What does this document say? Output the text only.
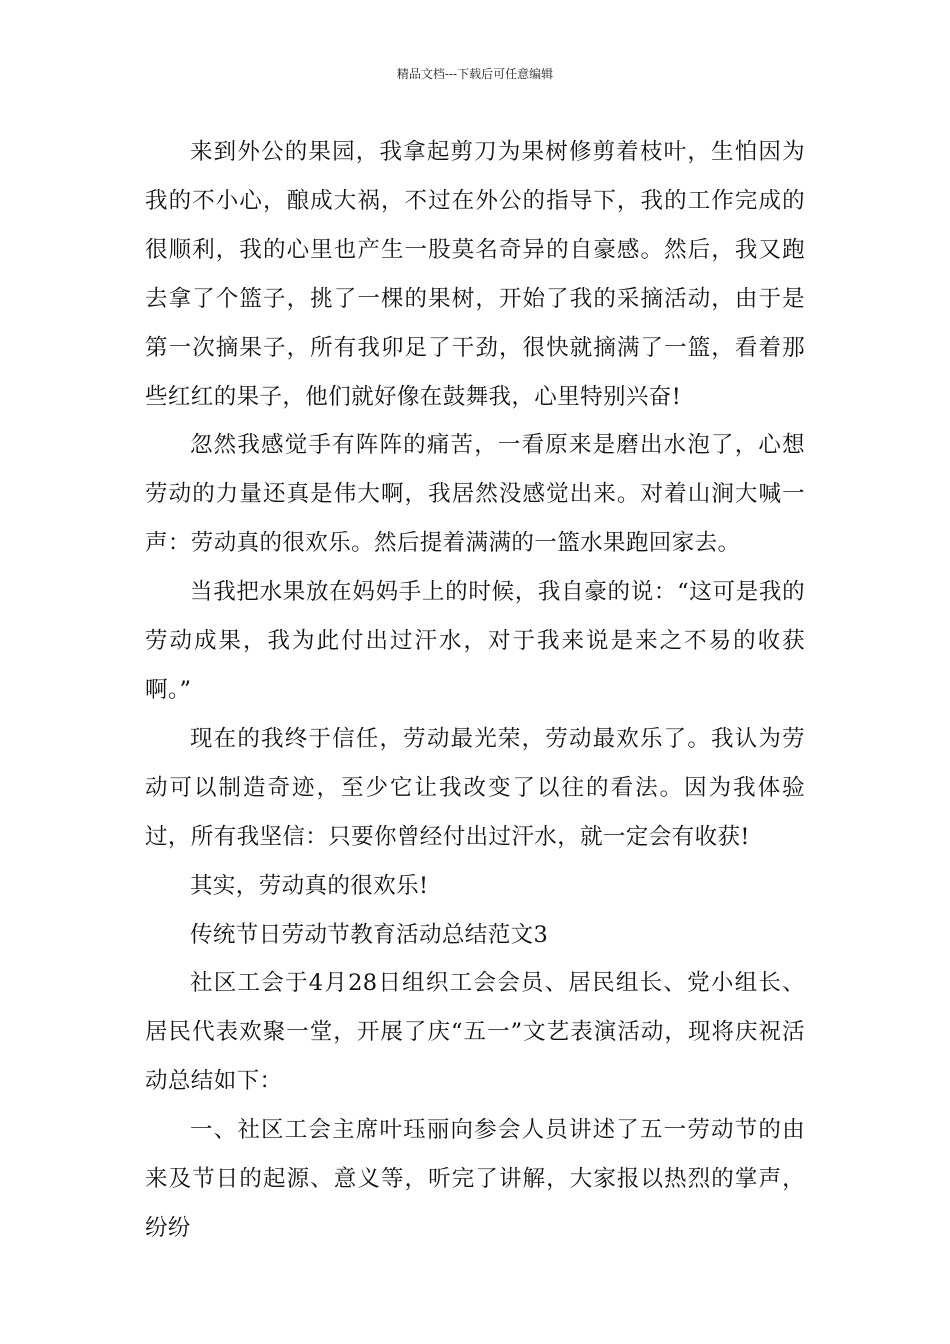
精品文档---下载后可任意编辑

来到外公的果园，我拿起剪刀为果树修剪着枝叶，生怕因为我的不小心，酿成大祸，不过在外公的指导下，我的工作完成的很顺利，我的心里也产生一股莫名奇异的自豪感。然后，我又跑去拿了个篮子，挑了一棵的果树，开始了我的采摘活动，由于是第一次摘果子，所有我卯足了干劲，很快就摘满了一篮，看着那些红红的果子，他们就好像在鼓舞我，心里特别兴奋!

忽然我感觉手有阵阵的痛苦，一看原来是磨出水泡了，心想劳动的力量还真是伟大啊，我居然没感觉出来。对着山涧大喊一声：劳动真的很欢乐。然后提着满满的一篮水果跑回家去。

当我把水果放在妈妈手上的时候，我自豪的说：“这可是我的劳动成果，我为此付出过汗水，对于我来说是来之不易的收获啊。”

现在的我终于信任，劳动最光荣，劳动最欢乐了。我认为劳动可以制造奇迹，至少它让我改变了以往的看法。因为我体验过，所有我坚信：只要你曾经付出过汗水，就一定会有收获!

其实，劳动真的很欢乐!

传统节日劳动节教育活动总结范文3

社区工会于4月28日组织工会会员、居民组长、党小组长、居民代表欢聚一堂，开展了庆“五一”文艺表演活动，现将庆祝活动总结如下：

一、社区工会主席叶珏丽向参会人员讲述了五一劳动节的由来及节日的起源、意义等，听完了讲解，大家报以热烈的掌声，纷纷
